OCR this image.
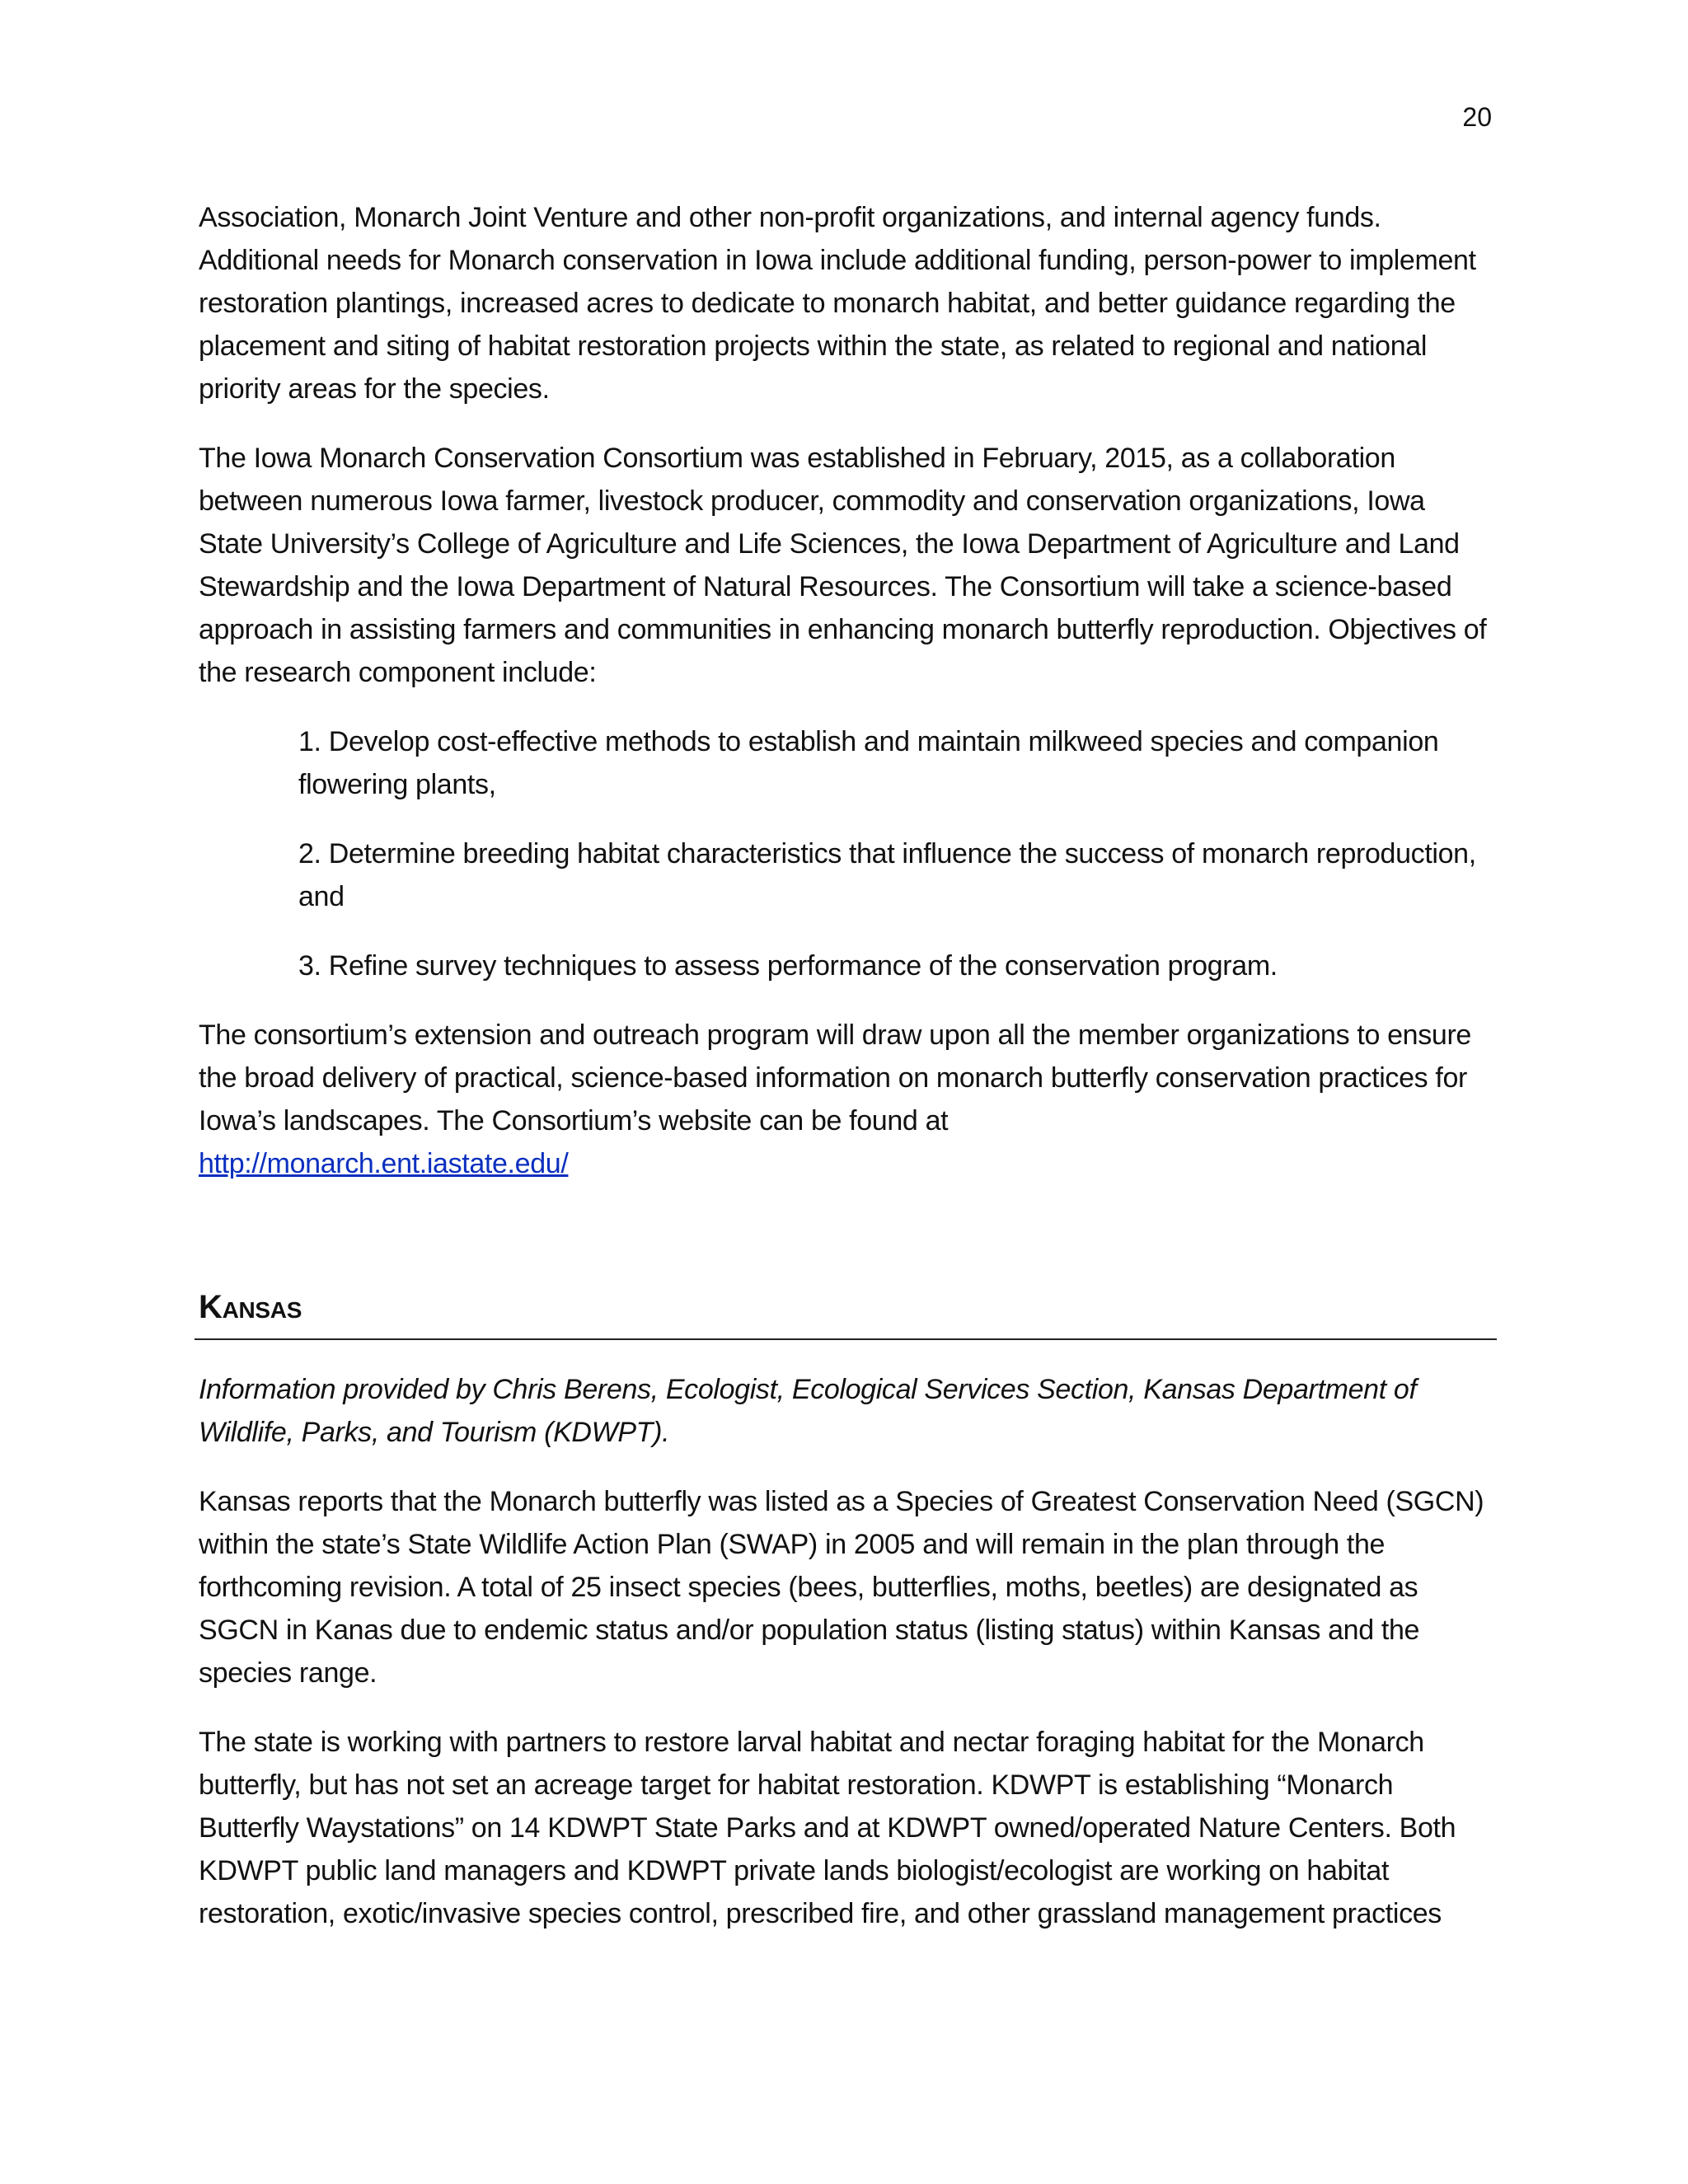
20

Association, Monarch Joint Venture and other non-profit organizations, and internal agency funds. Additional needs for Monarch conservation in Iowa include additional funding, person-power to implement restoration plantings, increased acres to dedicate to monarch habitat, and better guidance regarding the placement and siting of habitat restoration projects within the state, as related to regional and national priority areas for the species.

The Iowa Monarch Conservation Consortium was established in February, 2015, as a collaboration between numerous Iowa farmer, livestock producer, commodity and conservation organizations, Iowa State University’s College of Agriculture and Life Sciences, the Iowa Department of Agriculture and Land Stewardship and the Iowa Department of Natural Resources. The Consortium will take a science-based approach in assisting farmers and communities in enhancing monarch butterfly reproduction. Objectives of the research component include:

1. Develop cost-effective methods to establish and maintain milkweed species and companion flowering plants,
2. Determine breeding habitat characteristics that influence the success of monarch reproduction, and
3. Refine survey techniques to assess performance of the conservation program.

The consortium’s extension and outreach program will draw upon all the member organizations to ensure the broad delivery of practical, science-based information on monarch butterfly conservation practices for Iowa’s landscapes. The Consortium’s website can be found at
http://monarch.ent.iastate.edu/

Kansas

Information provided by Chris Berens, Ecologist, Ecological Services Section, Kansas Department of Wildlife, Parks, and Tourism (KDWPT).

Kansas reports that the Monarch butterfly was listed as a Species of Greatest Conservation Need (SGCN) within the state’s State Wildlife Action Plan (SWAP) in 2005 and will remain in the plan through the forthcoming revision. A total of 25 insect species (bees, butterflies, moths, beetles) are designated as SGCN in Kanas due to endemic status and/or population status (listing status) within Kansas and the species range.

The state is working with partners to restore larval habitat and nectar foraging habitat for the Monarch butterfly, but has not set an acreage target for habitat restoration. KDWPT is establishing “Monarch Butterfly Waystations” on 14 KDWPT State Parks and at KDWPT owned/operated Nature Centers. Both KDWPT public land managers and KDWPT private lands biologist/ecologist are working on habitat restoration, exotic/invasive species control, prescribed fire, and other grassland management practices
